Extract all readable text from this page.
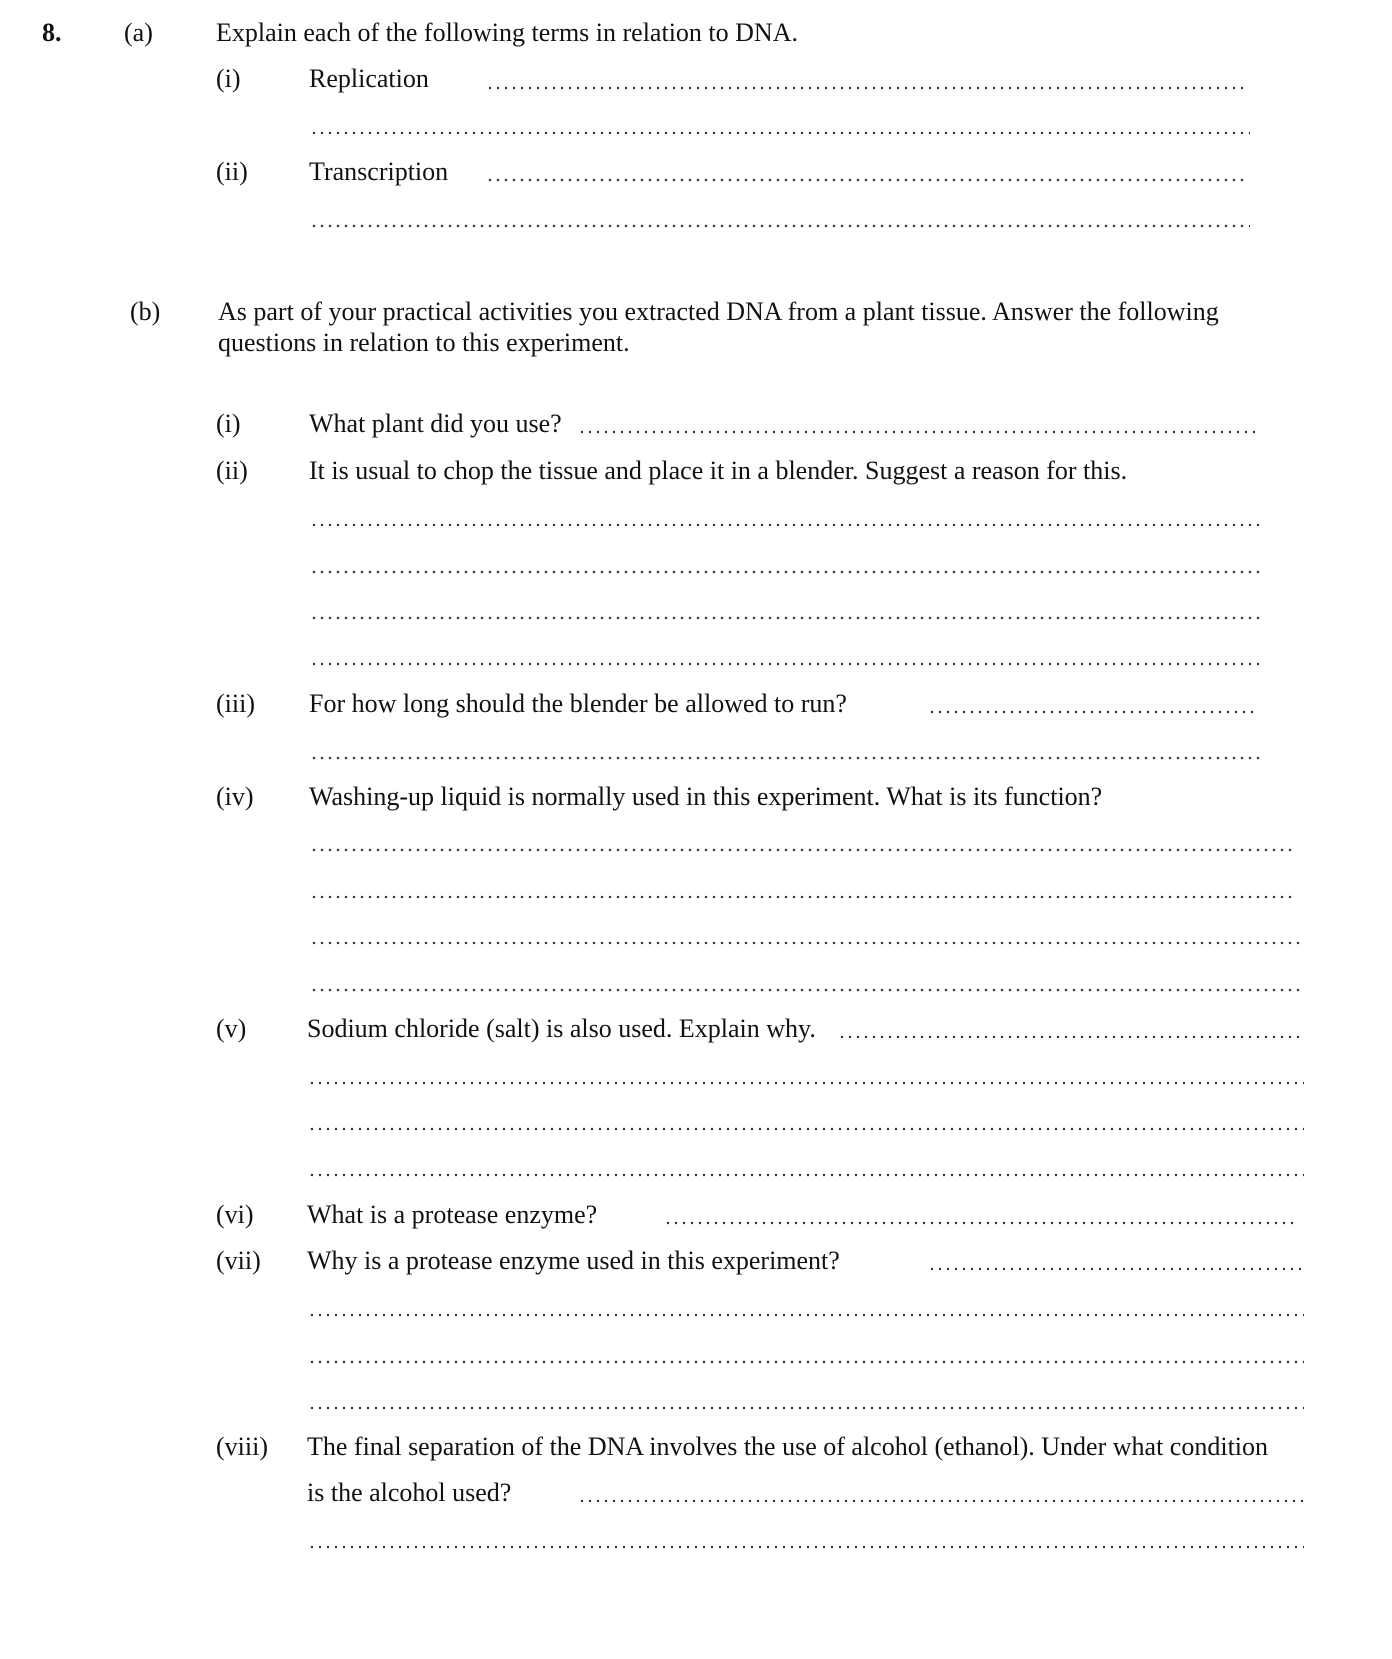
8. (a) Explain each of the following terms in relation to DNA.
(i)	Replication
(ii) Transcription
(b) As part of your practical activities you extracted DNA from a plant tissue. Answer the following
questions in relation to this experiment.
(i)	What plant did you use?
(ii) It is usual to chop the tissue and place it in a blender. Suggest a reason for this.
(iii) For how long should the blender be allowed to run?
(iv) Washing-up liquid is normally used in this experiment. What is its function?
(v) Sodium chloride (salt) is also used. Explain why.
(vi) What is a protease enzyme?
(vii) Why is a protease enzyme used in this experiment?
(viii) The final separation of the DNA involves the use of alcohol (ethanol). Under what condition
is the alcohol used?
